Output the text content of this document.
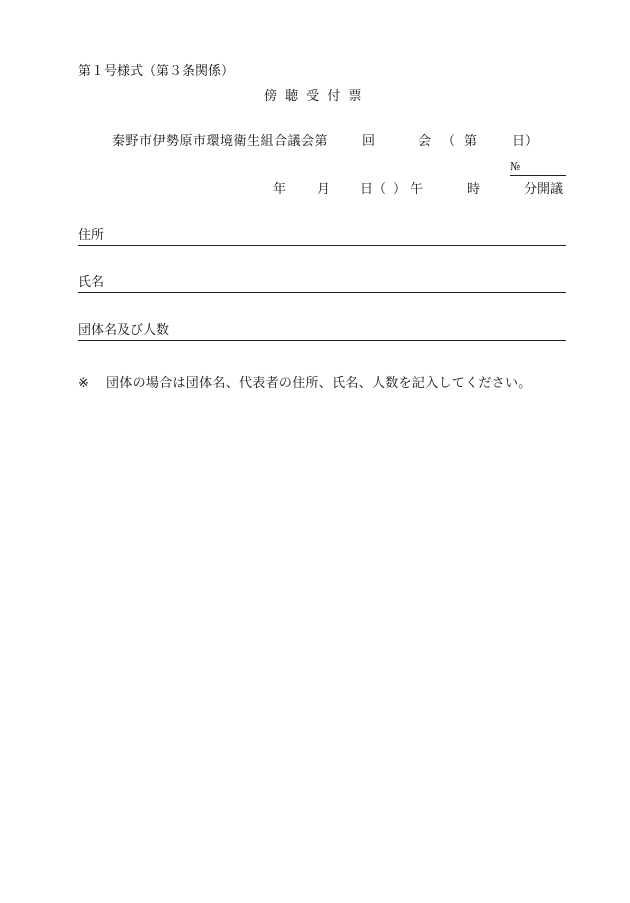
第１号様式（第３条関係）
傍 聴 受 付 票
秦野市伊勢原市環境衛生組合議会第	回	会 （ 第	日）
№
年 月 日 （ ） 午	時	分開議
住所
氏名
団体名及び人数
※ 団体の場合は団体名、代表者の住所、氏名、人数を記入してください。
